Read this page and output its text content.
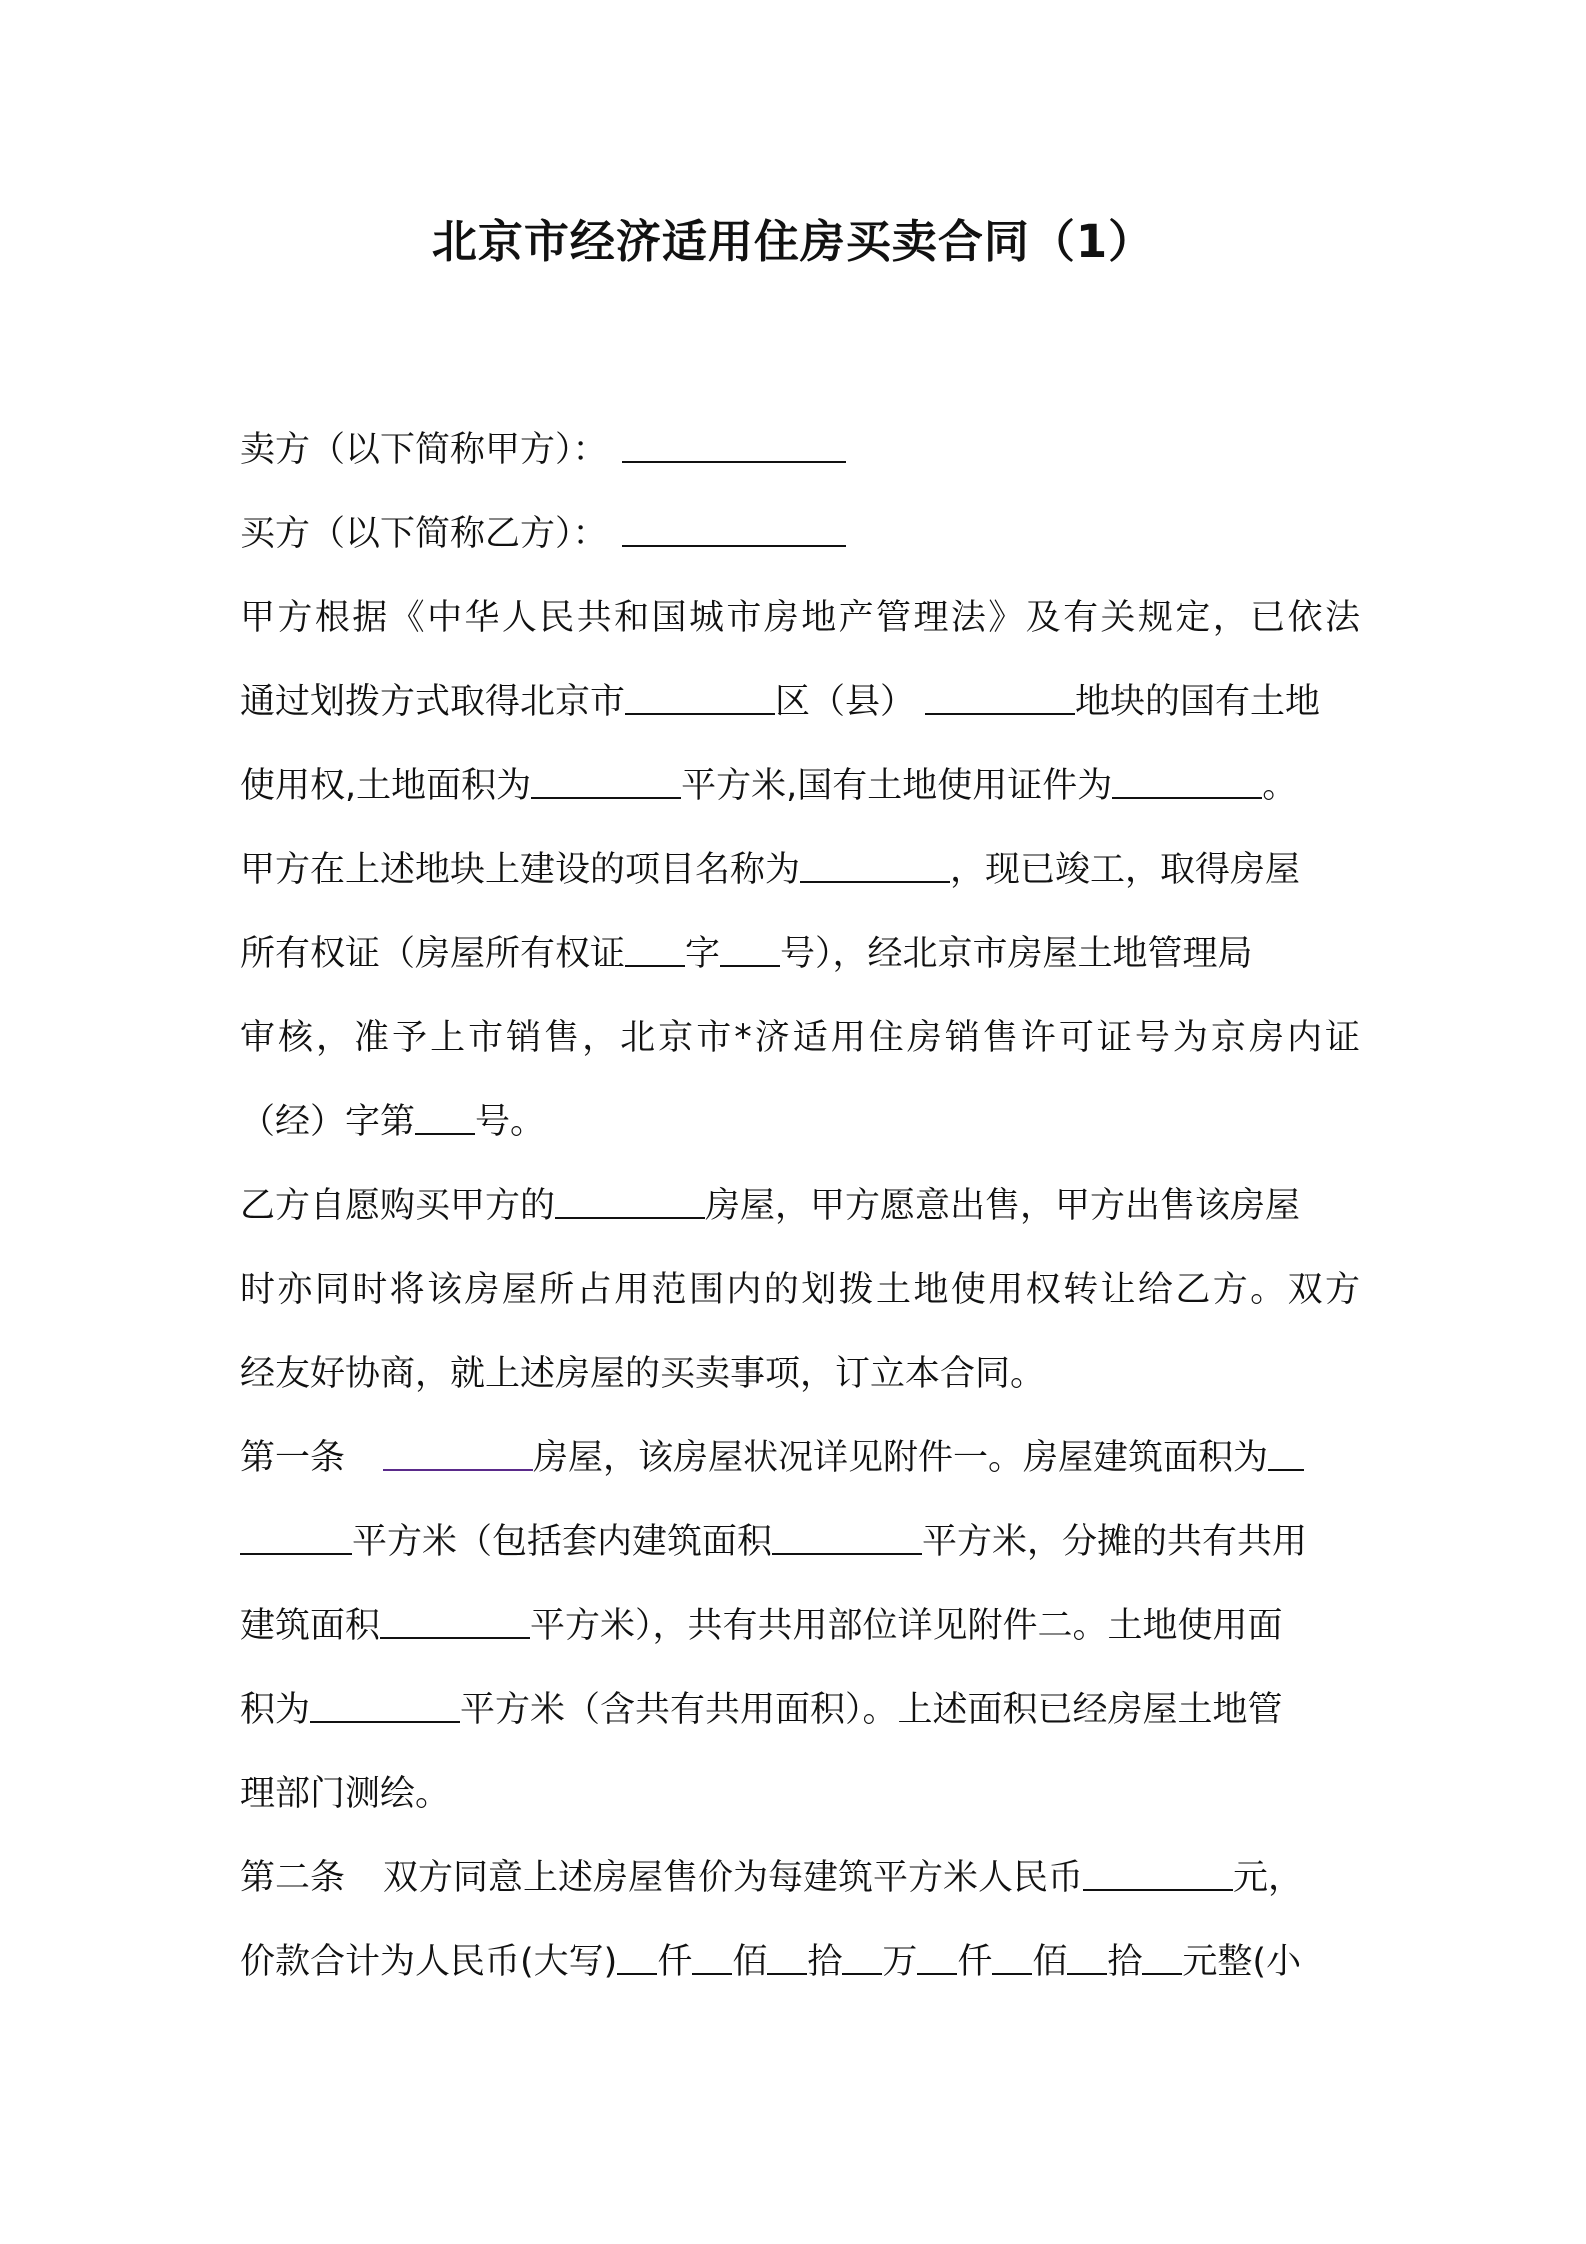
北京市经济适用住房买卖合同（1）
卖方（以下简称甲方）：
买方（以下简称乙方）：
甲方根据《中华人民共和国城市房地产管理法》及有关规定，已依法
通过划拨方式取得北京市	区（县）	地块的国有土地
使用权,土地面积为	平方米,国有土地使用证件为	。
甲方在上述地块上建设的项目名称为	，现已竣工，取得房屋
所有权证（房屋所有权证 字 号），经北京市房屋土地管理局
审核，准予上市销售，北京市*济适用住房销售许可证号为京房内证
（经）字第 号。
乙方自愿购买甲方的	房屋，甲方愿意出售，甲方出售该房屋
时亦同时将该房屋所占用范围内的划拨土地使用权转让给乙方。双方
经友好协商，就上述房屋的买卖事项，订立本合同。
第一条	房屋，该房屋状况详见附件一。房屋建筑面积为
平方米（包括套内建筑面积	平方米，分摊的共有共用
建筑面积	平方米），共有共用部位详见附件二。土地使用面
积为	平方米（含共有共用面积）。上述面积已经房屋土地管
理部门测绘。
第二条 双方同意上述房屋售价为每建筑平方米人民币	元，
价款合计为人民币(大写) 仟 佰 拾 万 仟 佰 拾 元整(小
